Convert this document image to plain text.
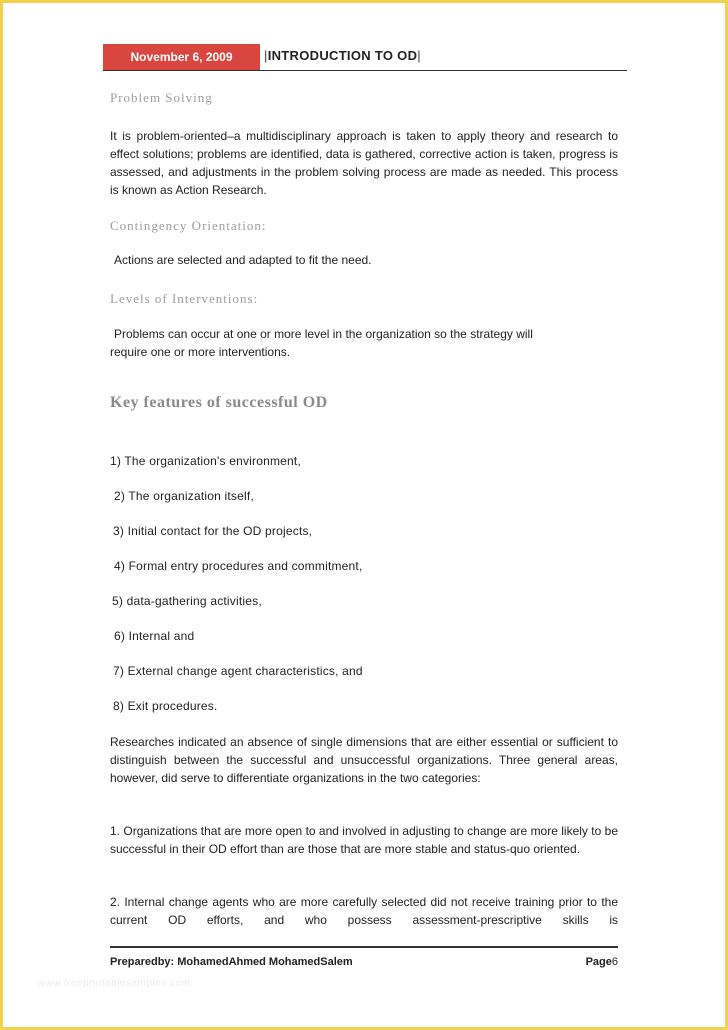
November 6, 2009 |INTRODUCTION TO OD|
Problem Solving

It is problem-oriented–a multidisciplinary approach is taken to apply theory and research to effect solutions; problems are identified, data is gathered, corrective action is taken, progress is assessed, and adjustments in the problem solving process are made as needed. This process is known as Action Research.

Contingency Orientation:

Actions are selected and adapted to fit the need.

Levels of Interventions:

Problems can occur at one or more level in the organization so the strategy will

require one or more interventions.

Key features of successful OD
1) The organization's environment,
2) The organization itself,
3) Initial contact for the OD projects,
4) Formal entry procedures and commitment,
5) data-gathering activities,
6) Internal and
7) External change agent characteristics, and
8) Exit procedures.

Researches indicated an absence of single dimensions that are either essential or sufficient to distinguish between the successful and unsuccessful organizations. Three general areas, however, did serve to differentiate organizations in the two categories:

1. Organizations that are more open to and involved in adjusting to change are more likely to be successful in their OD effort than are those that are more stable and status-quo oriented.

2. Internal change agents who are more carefully selected did not receive training prior to the current OD efforts, and who possess assessment-prescriptive skills is

Preparedby: MohamedAhmed MohamedSalem	Page6
www.freeprintablesamples.com
